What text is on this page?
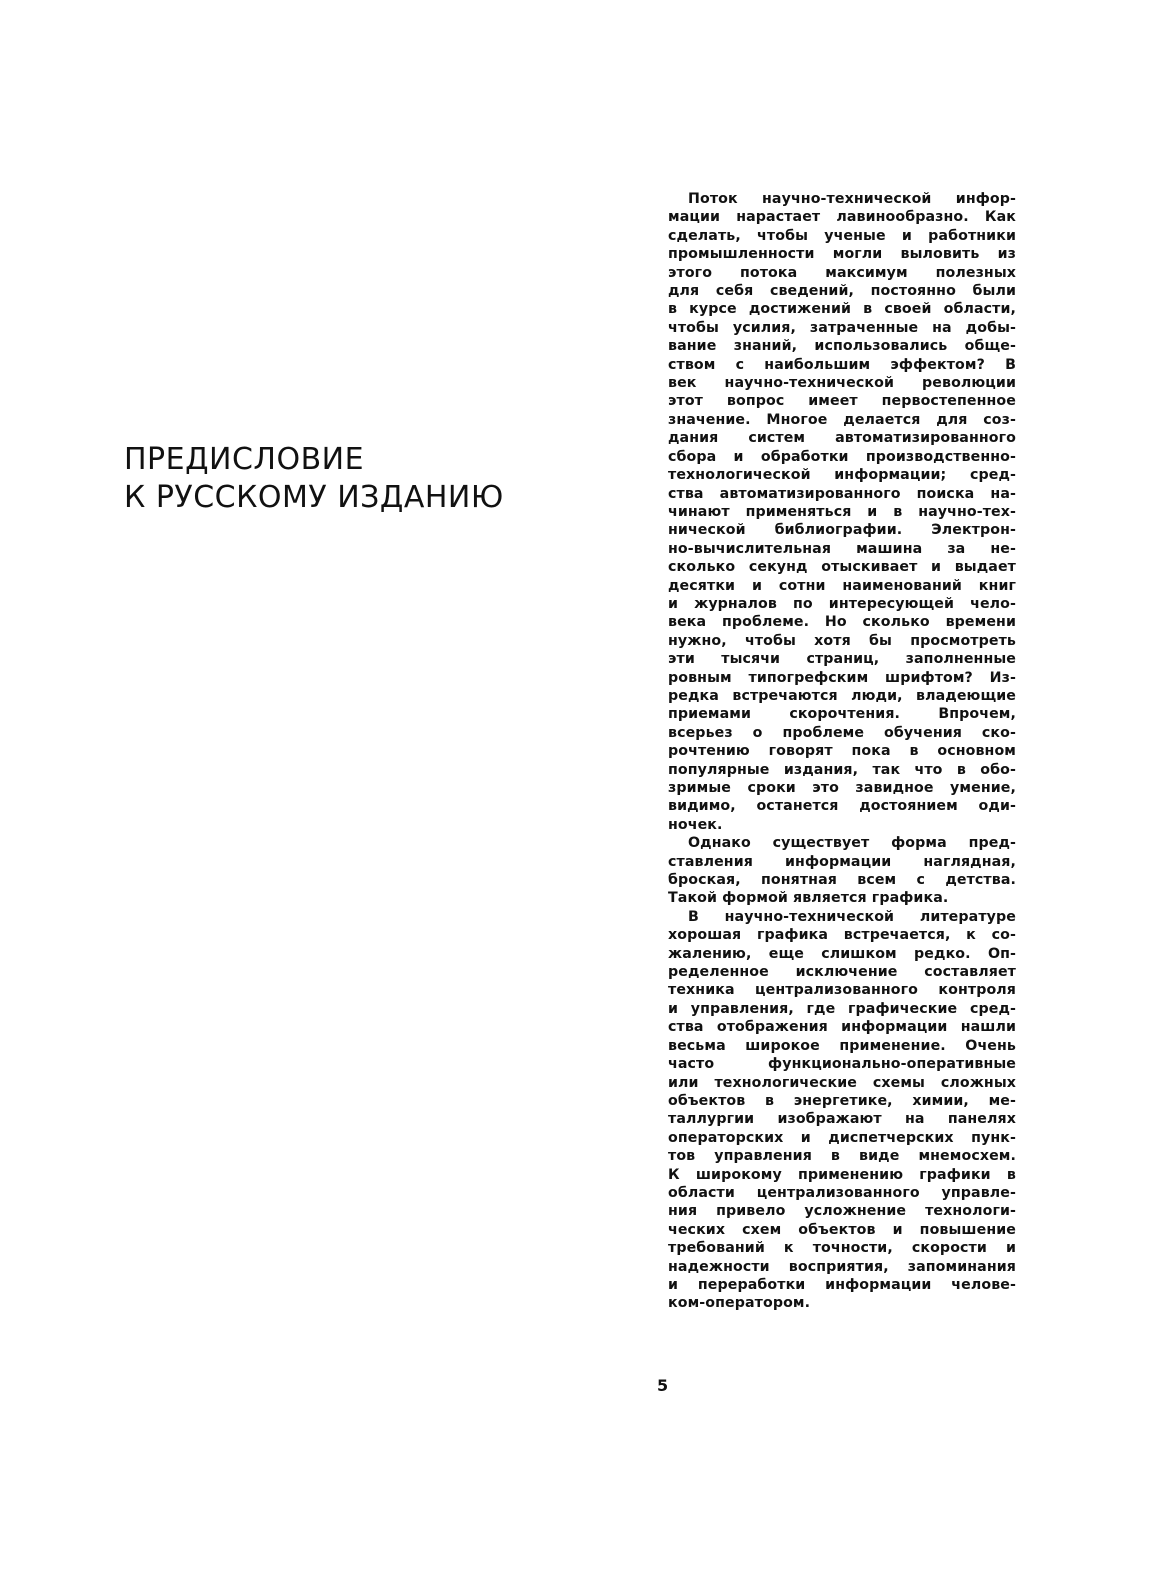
ПРЕДИСЛОВИЕ
К РУССКОМУ ИЗДАНИЮ

Поток научно-технической инфор-
мации нарастает лавинообразно. Как
сделать, чтобы ученые и работники
промышленности могли выловить из
этого потока максимум полезных
для себя сведений, постоянно были
в курсе достижений в своей области,
чтобы усилия, затраченные на добы-
вание знаний, использовались обще-
ством с наибольшим эффектом? В
век научно-технической революции
этот вопрос имеет первостепенное
значение. Многое делается для соз-
дания систем автоматизированного
сбора и обработки производственно-
технологической информации; сред-
ства автоматизированного поиска на-
чинают применяться и в научно-тех-
нической библиографии. Электрон-
но-вычислительная машина за не-
сколько секунд отыскивает и выдает
десятки и сотни наименований книг
и журналов по интересующей чело-
века проблеме. Но сколько времени
нужно, чтобы хотя бы просмотреть
эти тысячи страниц, заполненные
ровным типогрефским шрифтом? Из-
редка встречаются люди, владеющие
приемами скорочтения. Впрочем,
всерьез о проблеме обучения ско-
рочтению говорят пока в основном
популярные издания, так что в обо-
зримые сроки это завидное умение,
видимо, останется достоянием оди-
ночек.

Однако существует форма пред-
ставления информации наглядная,
броская, понятная всем с детства.
Такой формой является графика.

В научно-технической литературе
хорошая графика встречается, к со-
жалению, еще слишком редко. Оп-
ределенное исключение составляет
техника централизованного контроля
и управления, где графические сред-
ства отображения информации нашли
весьма широкое применение. Очень
часто функционально-оперативные
или технологические схемы сложных
объектов в энергетике, химии, ме-
таллургии изображают на панелях
операторских и диспетчерских пунк-
тов управления в виде мнемосхем.
К широкому применению графики в
области централизованного управле-
ния привело усложнение технологи-
ческих схем объектов и повышение
требований к точности, скорости и
надежности восприятия, запоминания
и переработки информации челове-
ком-оператором.

5
